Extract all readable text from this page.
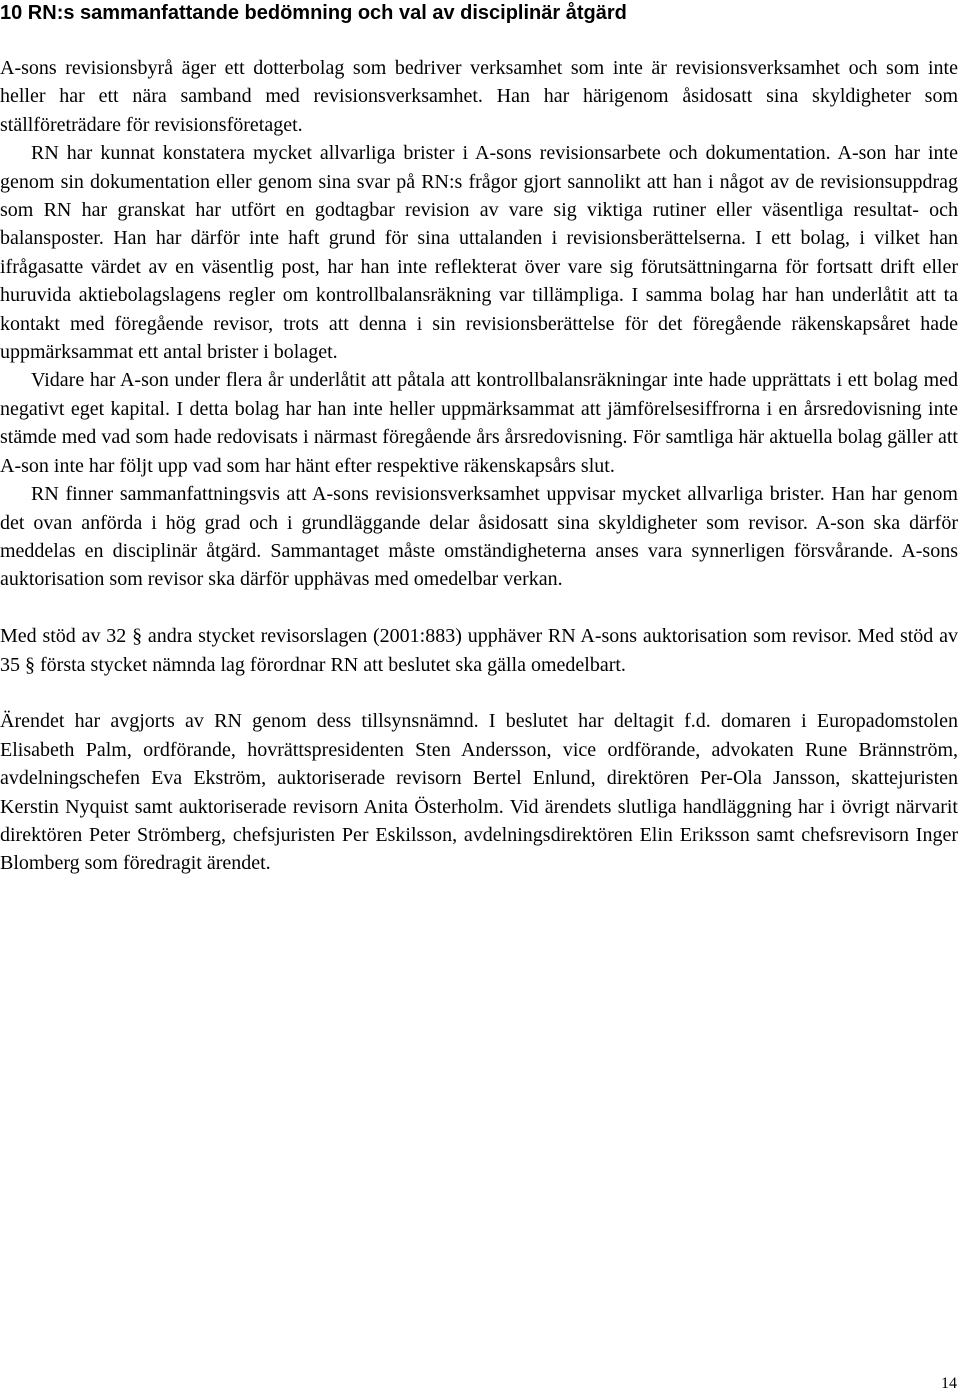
10 RN:s sammanfattande bedömning och val av disciplinär åtgärd

A-sons revisionsbyrå äger ett dotterbolag som bedriver verksamhet som inte är revisionsverksamhet och som inte heller har ett nära samband med revisionsverksamhet. Han har härigenom åsidosatt sina skyldigheter som ställföreträdare för revisionsföretaget.

RN har kunnat konstatera mycket allvarliga brister i A-sons revisionsarbete och dokumentation. A-son har inte genom sin dokumentation eller genom sina svar på RN:s frågor gjort sannolikt att han i något av de revisionsuppdrag som RN har granskat har utfört en godtagbar revision av vare sig viktiga rutiner eller väsentliga resultat- och balansposter. Han har därför inte haft grund för sina uttalanden i revisionsberättelserna. I ett bolag, i vilket han ifrågasatte värdet av en väsentlig post, har han inte reflekterat över vare sig förutsättningarna för fortsatt drift eller huruvida aktiebolagslagens regler om kontrollbalansräkning var tillämpliga. I samma bolag har han underlåtit att ta kontakt med föregående revisor, trots att denna i sin revisionsberättelse för det föregående räkenskapsåret hade uppmärksammat ett antal brister i bolaget.

Vidare har A-son under flera år underlåtit att påtala att kontrollbalansräkningar inte hade upprättats i ett bolag med negativt eget kapital. I detta bolag har han inte heller uppmärksammat att jämförelsesiffrorna i en årsredovisning inte stämde med vad som hade redovisats i närmast föregående års årsredovisning. För samtliga här aktuella bolag gäller att A-son inte har följt upp vad som har hänt efter respektive räkenskapsårs slut.

RN finner sammanfattningsvis att A-sons revisionsverksamhet uppvisar mycket allvarliga brister. Han har genom det ovan anförda i hög grad och i grundläggande delar åsidosatt sina skyldigheter som revisor. A-son ska därför meddelas en disciplinär åtgärd. Sammantaget måste omständigheterna anses vara synnerligen försvårande. A-sons auktorisation som revisor ska därför upphävas med omedelbar verkan.

Med stöd av 32 § andra stycket revisorslagen (2001:883) upphäver RN A-sons auktorisation som revisor. Med stöd av 35 § första stycket nämnda lag förordnar RN att beslutet ska gälla omedelbart.

Ärendet har avgjorts av RN genom dess tillsynsnämnd. I beslutet har deltagit f.d. domaren i Europadomstolen Elisabeth Palm, ordförande, hovrättspresidenten Sten Andersson, vice ordförande, advokaten Rune Brännström, avdelningschefen Eva Ekström, auktoriserade revisorn Bertel Enlund, direktören Per-Ola Jansson, skattejuristen Kerstin Nyquist samt auktoriserade revisorn Anita Österholm. Vid ärendets slutliga handläggning har i övrigt närvarit direktören Peter Strömberg, chefsjuristen Per Eskilsson, avdelningsdirektören Elin Eriksson samt chefsrevisorn Inger Blomberg som föredragit ärendet.

14
